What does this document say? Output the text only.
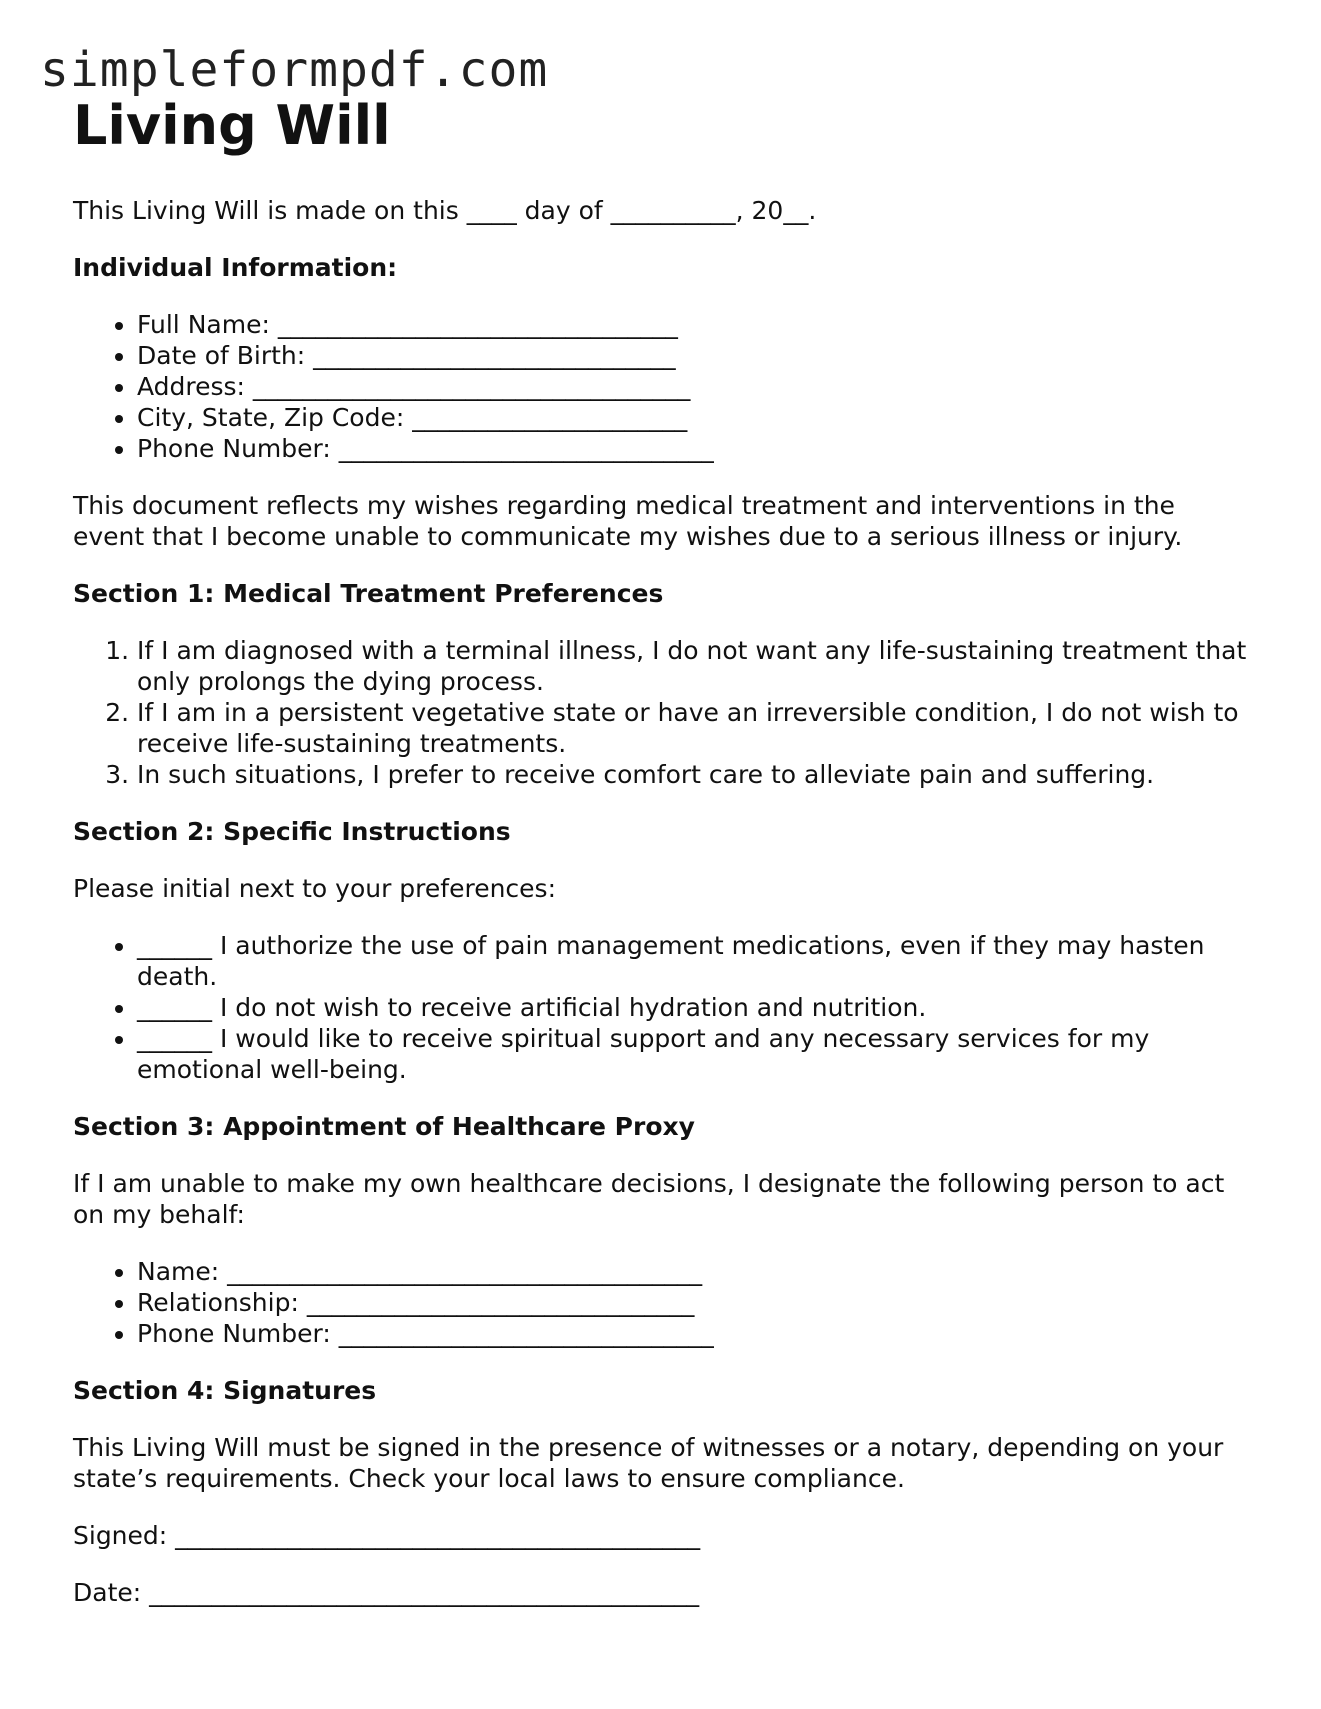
simpleformpdf.com
Living Will

This Living Will is made on this ____ day of __________, 20__.

Individual Information:
• Full Name: ________________________________
• Date of Birth: _____________________________
• Address: ___________________________________
• City, State, Zip Code: ______________________
• Phone Number: ______________________________

This document reflects my wishes regarding medical treatment and interventions in the event that I become unable to communicate my wishes due to a serious illness or injury.

Section 1: Medical Treatment Preferences
1. If I am diagnosed with a terminal illness, I do not want any life-sustaining treatment that only prolongs the dying process.
2. If I am in a persistent vegetative state or have an irreversible condition, I do not wish to receive life-sustaining treatments.
3. In such situations, I prefer to receive comfort care to alleviate pain and suffering.
Section 2: Specific Instructions

Please initial next to your preferences:

• ______ I authorize the use of pain management medications, even if they may hasten death.
• ______ I do not wish to receive artificial hydration and nutrition.
• ______ I would like to receive spiritual support and any necessary services for my emotional well-being.
Section 3: Appointment of Healthcare Proxy

If I am unable to make my own healthcare decisions, I designate the following person to act on my behalf:

• Name: ______________________________________
• Relationship: _______________________________
• Phone Number: ______________________________
Section 4: Signatures

This Living Will must be signed in the presence of witnesses or a notary, depending on your state’s requirements. Check your local laws to ensure compliance.

Signed: __________________________________________

Date: ____________________________________________
